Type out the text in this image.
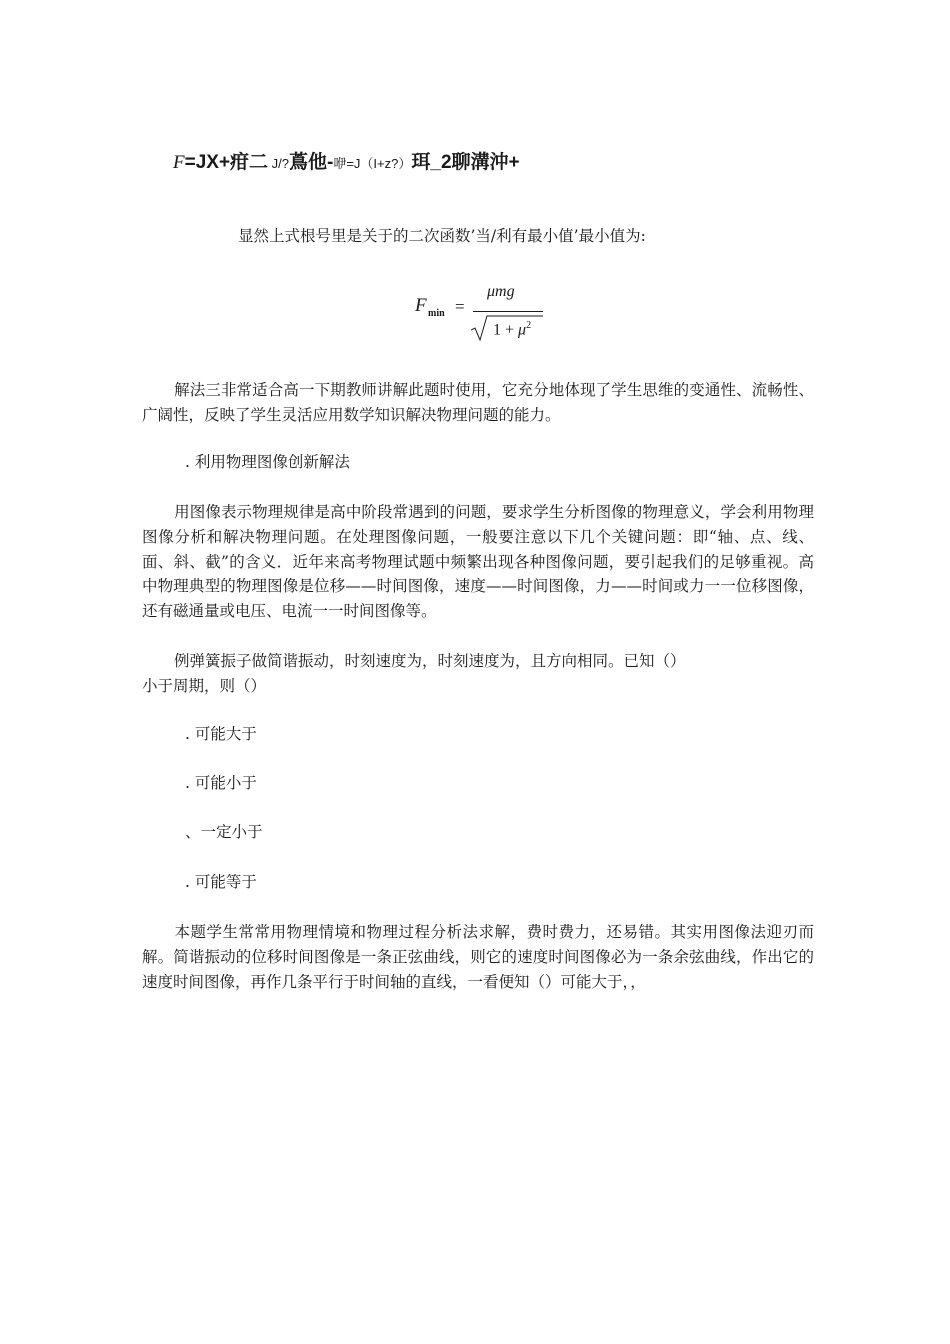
F=JX+疳二 J/?蔦他-咿=J（I+z?）珥_2聊溝沖+
显然上式根号里是关于的二次函数’当/利有最小值’最小值为:
F min =
μmg
$1 + \mu^2$
解法三非常适合高一下期教师讲解此题时使用，它充分地体现了学生思维的变通性、流畅性、广阔性，反映了学生灵活应用数学知识解决物理问题的能力。
. 利用物理图像创新解法
用图像表示物理规律是高中阶段常遇到的问题，要求学生分析图像的物理意义，学会利用物理图像分析和解决物理问题。在处理图像问题，一般要注意以下几个关键问题：即“轴、点、线、面、斜、截”的含义．近年来高考物理试题中频繁出现各种图像问题，要引起我们的足够重视。高中物理典型的物理图像是位移——时间图像，速度——时间图像，力——时间或力一一位移图像，还有磁通量或电压、电流一一时间图像等。
例弹簧振子做简谐振动，时刻速度为，时刻速度为，且方向相同。已知（）
小于周期，则（）
. 可能大于
. 可能小于
、一定小于
. 可能等于
本题学生常常用物理情境和物理过程分析法求解，费时费力，还易错。其实用图像法迎刃而解。简谐振动的位移时间图像是一条正弦曲线，则它的速度时间图像必为一条余弦曲线，作出它的速度时间图像，再作几条平行于时间轴的直线，一看便知（）可能大于，，
